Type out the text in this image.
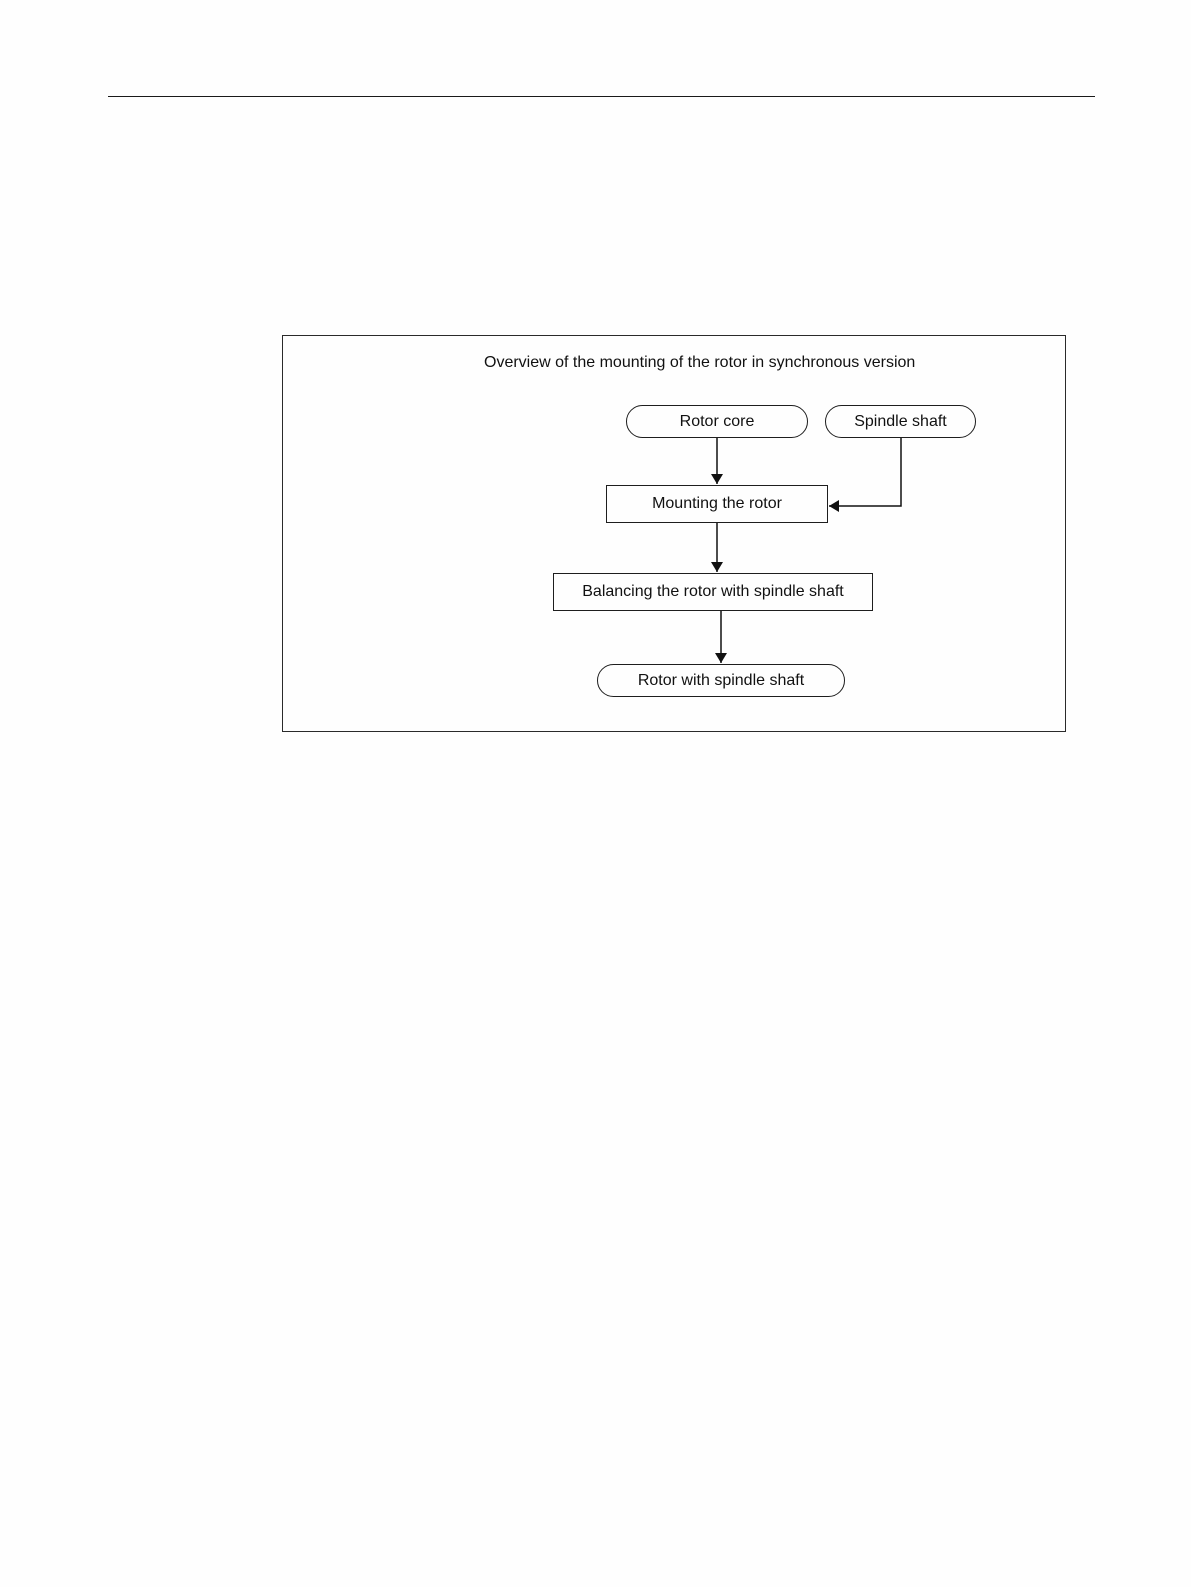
Overview of the mounting of the rotor in synchronous version
Rotor core	Spindle shaft
Mounting the rotor
Balancing the rotor with spindle shaft
Rotor with spindle shaft
